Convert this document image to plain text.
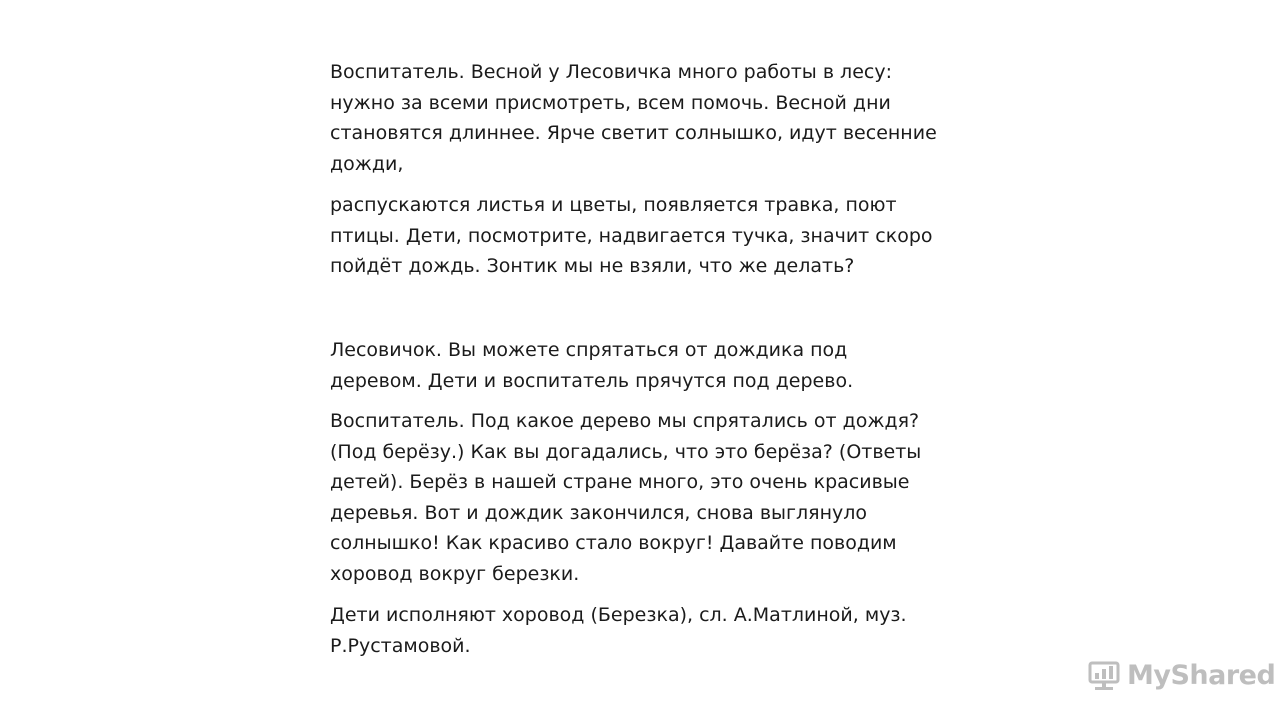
Воспитатель. Весной у Лесовичка много работы в лесу:
нужно за всеми присмотреть, всем помочь. Весной дни
становятся длиннее. Ярче светит солнышко, идут весенние
дожди,
распускаются листья и цветы, появляется травка, поют
птицы. Дети, посмотрите, надвигается тучка, значит скоро
пойдёт дождь. Зонтик мы не взяли, что же делать?
Лесовичок. Вы можете спрятаться от дождика под
деревом. Дети и воспитатель прячутся под дерево.
Воспитатель. Под какое дерево мы спрятались от дождя?
(Под берёзу.) Как вы догадались, что это берёза? (Ответы
детей). Берёз в нашей стране много, это очень красивые
деревья. Вот и дождик закончился, снова выглянуло
солнышко! Как красиво стало вокруг! Давайте поводим
хоровод вокруг березки.
Дети исполняют хоровод (Березка), сл. А.Матлиной, муз.
Р.Рустамовой.
MyShared
